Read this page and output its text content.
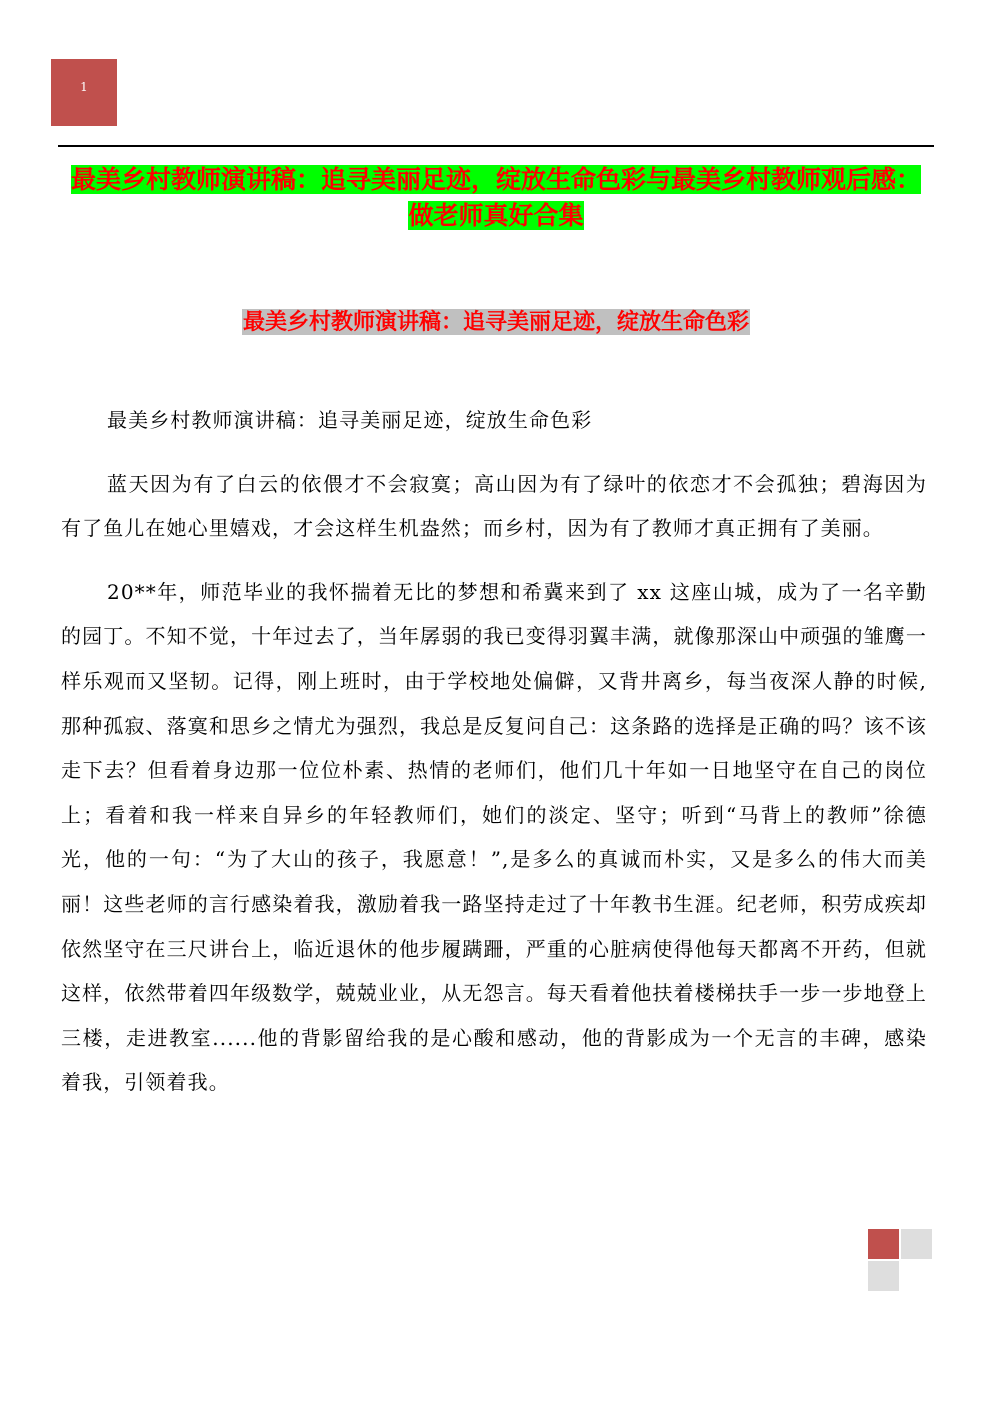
1
最美乡村教师演讲稿：追寻美丽足迹，绽放生命色彩与最美乡村教师观后感：做老师真好合集
最美乡村教师演讲稿：追寻美丽足迹，绽放生命色彩

最美乡村教师演讲稿：追寻美丽足迹，绽放生命色彩

蓝天因为有了白云的依偎才不会寂寞；高山因为有了绿叶的依恋才不会孤独；碧海因为有了鱼儿在她心里嬉戏，才会这样生机盎然；而乡村，因为有了教师才真正拥有了美丽。

20**年，师范毕业的我怀揣着无比的梦想和希冀来到了 xx 这座山城，成为了一名辛勤的园丁。不知不觉，十年过去了，当年孱弱的我已变得羽翼丰满，就像那深山中顽强的雏鹰一样乐观而又坚韧。记得，刚上班时，由于学校地处偏僻，又背井离乡，每当夜深人静的时候,那种孤寂、落寞和思乡之情尤为强烈，我总是反复问自己：这条路的选择是正确的吗？该不该走下去？但看着身边那一位位朴素、热情的老师们，他们几十年如一日地坚守在自己的岗位上；看着和我一样来自异乡的年轻教师们，她们的淡定、坚守；听到“马背上的教师”徐德光，他的一句：“为了大山的孩子，我愿意！”,是多么的真诚而朴实，又是多么的伟大而美丽！这些老师的言行感染着我，激励着我一路坚持走过了十年教书生涯。纪老师，积劳成疾却依然坚守在三尺讲台上，临近退休的他步履蹒跚，严重的心脏病使得他每天都离不开药，但就这样，依然带着四年级数学，兢兢业业，从无怨言。每天看着他扶着楼梯扶手一步一步地登上三楼，走进教室......他的背影留给我的是心酸和感动，他的背影成为一个无言的丰碑，感染着我，引领着我。
